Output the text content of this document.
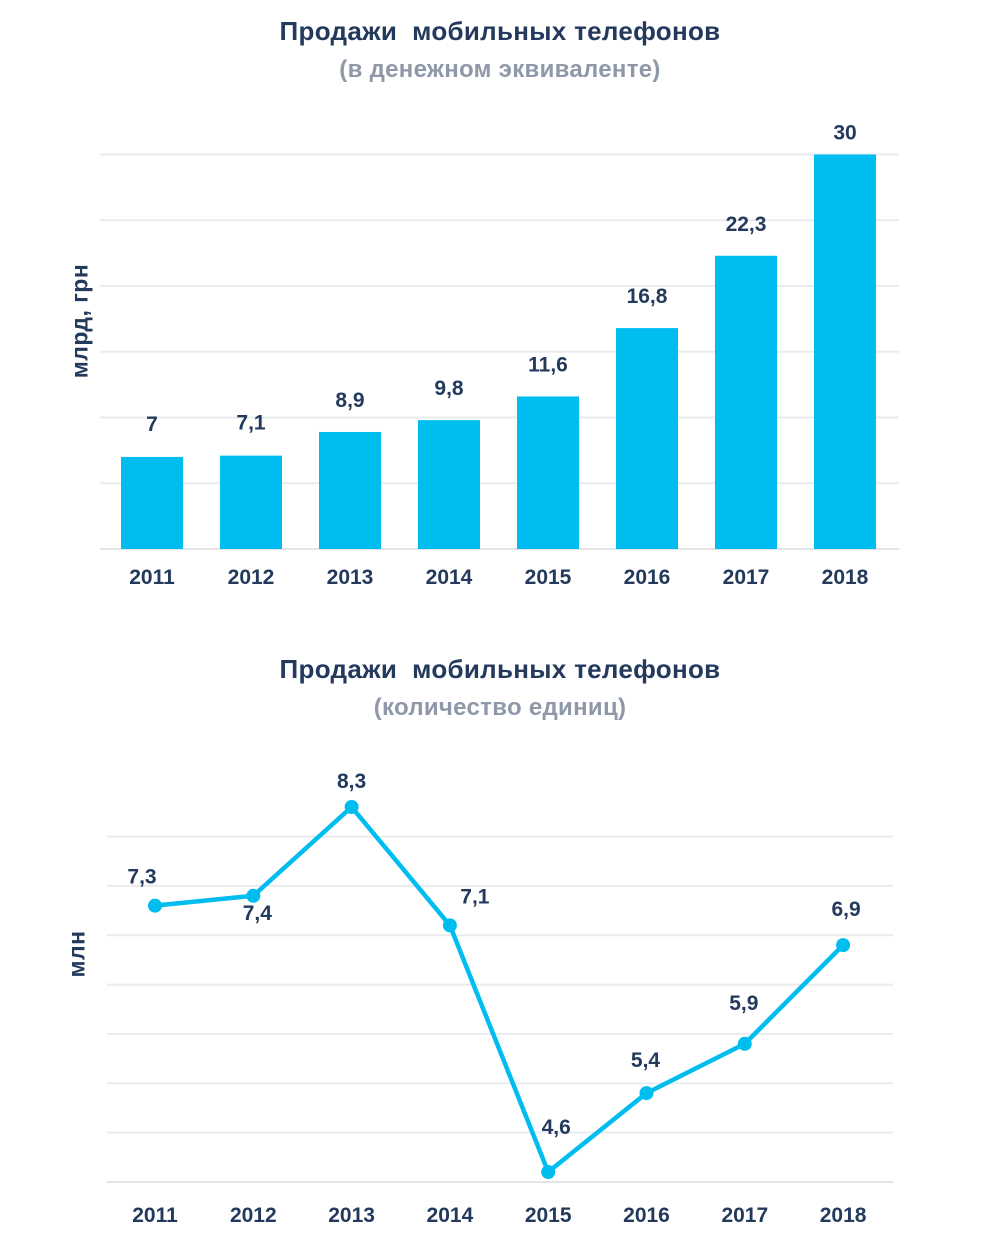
Продажи  мобильных телефонов
(в денежном эквиваленте)
млрд, грн
7
2011
7,1
2012
8,9
2013
9,8
2014
11,6
2015
16,8
2016
22,3
2017
30
2018
Продажи  мобильных телефонов
(количество единиц)
млн
7,3
2011
7,4
2012
8,3
2013
7,1
2014
4,6
2015
5,4
2016
5,9
2017
6,9
2018
